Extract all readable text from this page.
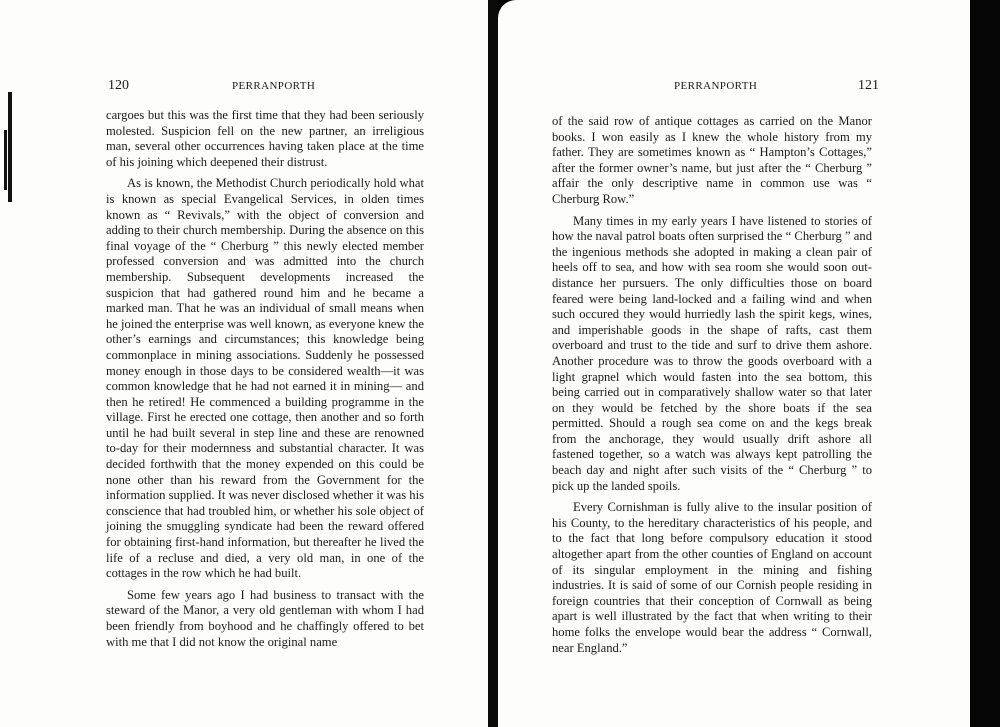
120	PERRANPORTH

cargoes but this was the first time that they had been seriously molested. Suspicion fell on the new partner, an irreligious man, several other occurrences having taken place at the time of his joining which deepened their distrust.

As is known, the Methodist Church periodically hold what is known as special Evangelical Services, in olden times known as “ Revivals,” with the object of conversion and adding to their church membership. During the absence on this final voyage of the “ Cherburg ” this newly elected member professed conversion and was admitted into the church membership. Subsequent developments increased the suspicion that had gathered round him and he became a marked man. That he was an individual of small means when he joined the enterprise was well known, as everyone knew the other’s earnings and circumstances; this knowledge being commonplace in mining associations. Suddenly he possessed money enough in those days to be considered wealth—it was common knowledge that he had not earned it in mining— and then he retired! He commenced a building programme in the village. First he erected one cottage, then another and so forth until he had built several in step line and these are renowned to-day for their modernness and substantial character. It was decided forthwith that the money expended on this could be none other than his reward from the Government for the information supplied. It was never disclosed whether it was his conscience that had troubled him, or whether his sole object of joining the smuggling syndicate had been the reward offered for obtaining first-hand information, but thereafter he lived the life of a recluse and died, a very old man, in one of the cottages in the row which he had built.

Some few years ago I had business to transact with the steward of the Manor, a very old gentleman with whom I had been friendly from boyhood and he chaffingly offered to bet with me that I did not know the original name

PERRANPORTH	121

of the said row of antique cottages as carried on the Manor books. I won easily as I knew the whole history from my father. They are sometimes known as “ Hampton’s Cottages,” after the former owner’s name, but just after the “ Cherburg ” affair the only descriptive name in common use was “ Cherburg Row.”

Many times in my early years I have listened to stories of how the naval patrol boats often surprised the “ Cherburg ” and the ingenious methods she adopted in making a clean pair of heels off to sea, and how with sea room she would soon out-distance her pursuers. The only difficulties those on board feared were being land-locked and a failing wind and when such occured they would hurriedly lash the spirit kegs, wines, and imperishable goods in the shape of rafts, cast them overboard and trust to the tide and surf to drive them ashore. Another procedure was to throw the goods overboard with a light grapnel which would fasten into the sea bottom, this being carried out in comparatively shallow water so that later on they would be fetched by the shore boats if the sea permitted. Should a rough sea come on and the kegs break from the anchorage, they would usually drift ashore all fastened together, so a watch was always kept patrolling the beach day and night after such visits of the “ Cherburg ” to pick up the landed spoils.

Every Cornishman is fully alive to the insular position of his County, to the hereditary characteristics of his people, and to the fact that long before compulsory education it stood altogether apart from the other counties of England on account of its singular employment in the mining and fishing industries. It is said of some of our Cornish people residing in foreign countries that their conception of Cornwall as being apart is well illustrated by the fact that when writing to their home folks the envelope would bear the address “ Cornwall, near England.”
